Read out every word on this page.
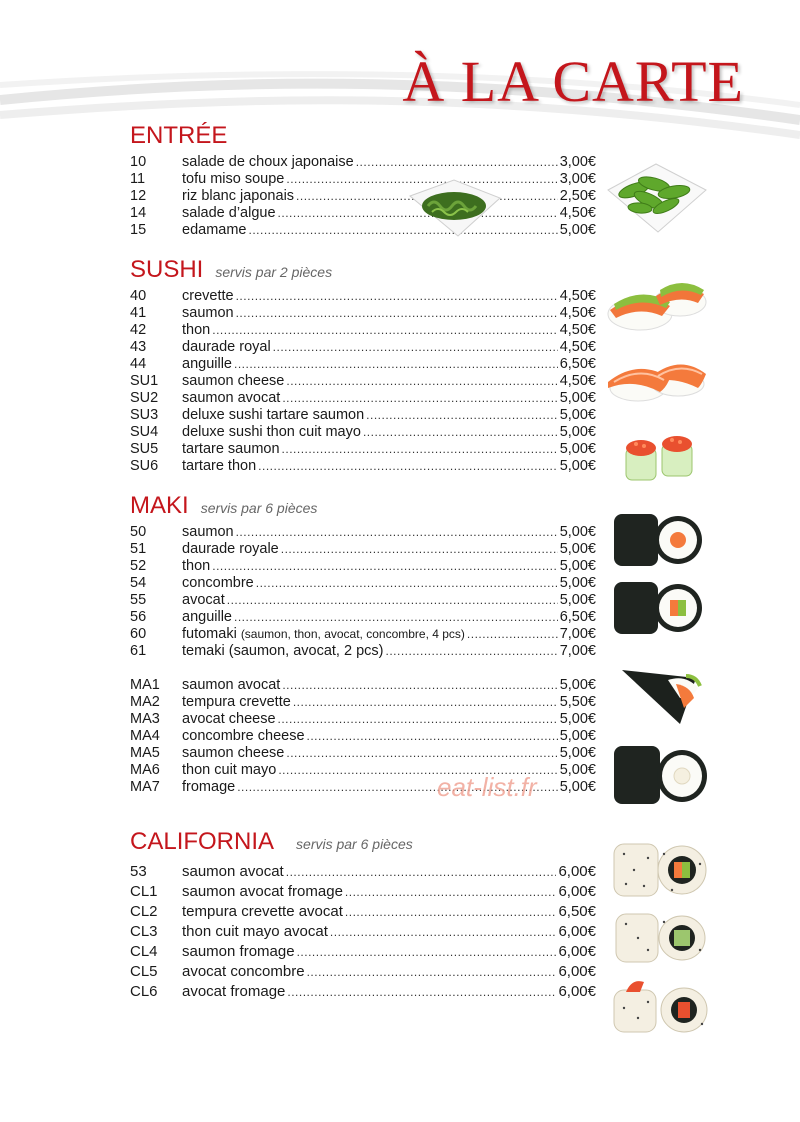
À LA CARTE
ENTRÉE
10	salade de choux japonaise .....	3,00€
11	tofu miso soupe .....	3,00€
12	riz blanc japonais .....	2,50€
14	salade d’algue .....	4,50€
15	edamame .....	5,00€
SUSHI servis par 2 pièces
40	crevette .....	4,50€
41	saumon .....	4,50€
42	thon .....	4,50€
43	daurade royal .....	4,50€
44	anguille .....	6,50€
SU1	saumon cheese .....	4,50€
SU2	saumon avocat .....	5,00€
SU3	deluxe sushi tartare saumon .....	5,00€
SU4	deluxe sushi thon cuit mayo .....	5,00€
SU5	tartare saumon .....	5,00€
SU6	tartare thon .....	5,00€
MAKI servis par 6 pièces
50	saumon .....	5,00€
51	daurade royale .....	5,00€
52	thon .....	5,00€
54	concombre .....	5,00€
55	avocat .....	5,00€
56	anguille .....	6,50€
60	futomaki (saumon, thon, avocat, concombre, 4 pcs) .....	7,00€
61	temaki (saumon, avocat, 2 pcs) .....	7,00€
MA1	saumon avocat .....	5,00€
MA2	tempura crevette .....	5,50€
MA3	avocat cheese .....	5,00€
MA4	concombre cheese .....	5,00€
MA5	saumon cheese .....	5,00€
MA6	thon cuit mayo .....	5,00€
MA7	fromage .....	5,00€
CALIFORNIA servis par 6 pièces
53	saumon avocat .....	6,00€
CL1	saumon avocat fromage .....	6,00€
CL2	tempura crevette avocat .....	6,50€
CL3	thon cuit mayo avocat .....	6,00€
CL4	saumon fromage .....	6,00€
CL5	avocat concombre .....	6,00€
CL6	avocat fromage .....	6,00€
eat-list.fr
